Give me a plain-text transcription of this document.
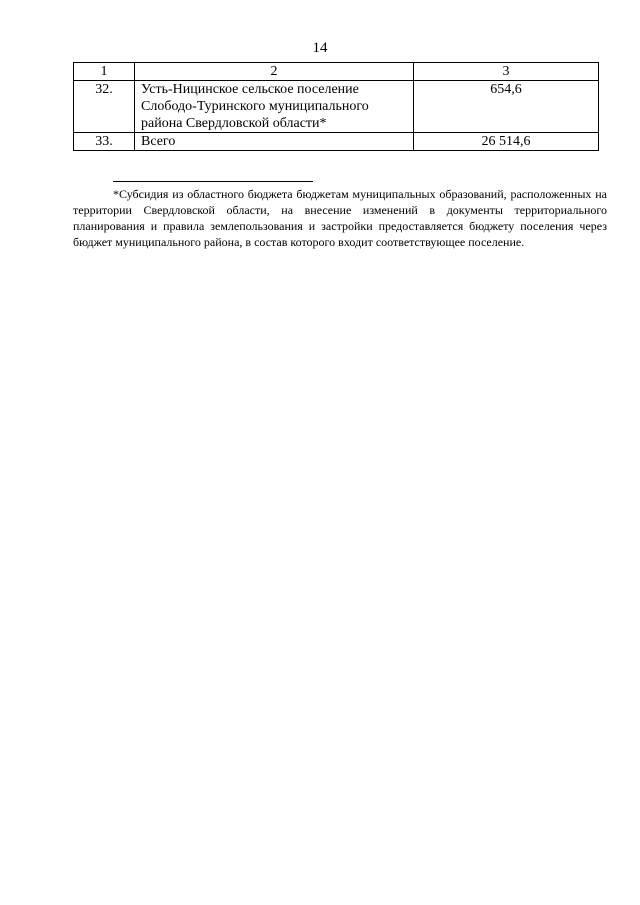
14
1	2	3
32.	Усть-Ницинское сельское поселение Слободо-Туринского муниципального района Свердловской области*	654,6
33.	Всего	26 514,6

*Субсидия из областного бюджета бюджетам муниципальных образований, расположенных на территории Свердловской области, на внесение изменений в документы территориального планирования и правила землепользования и застройки предоставляется бюджету поселения через бюджет муниципального района, в состав которого входит соответствующее поселение.
